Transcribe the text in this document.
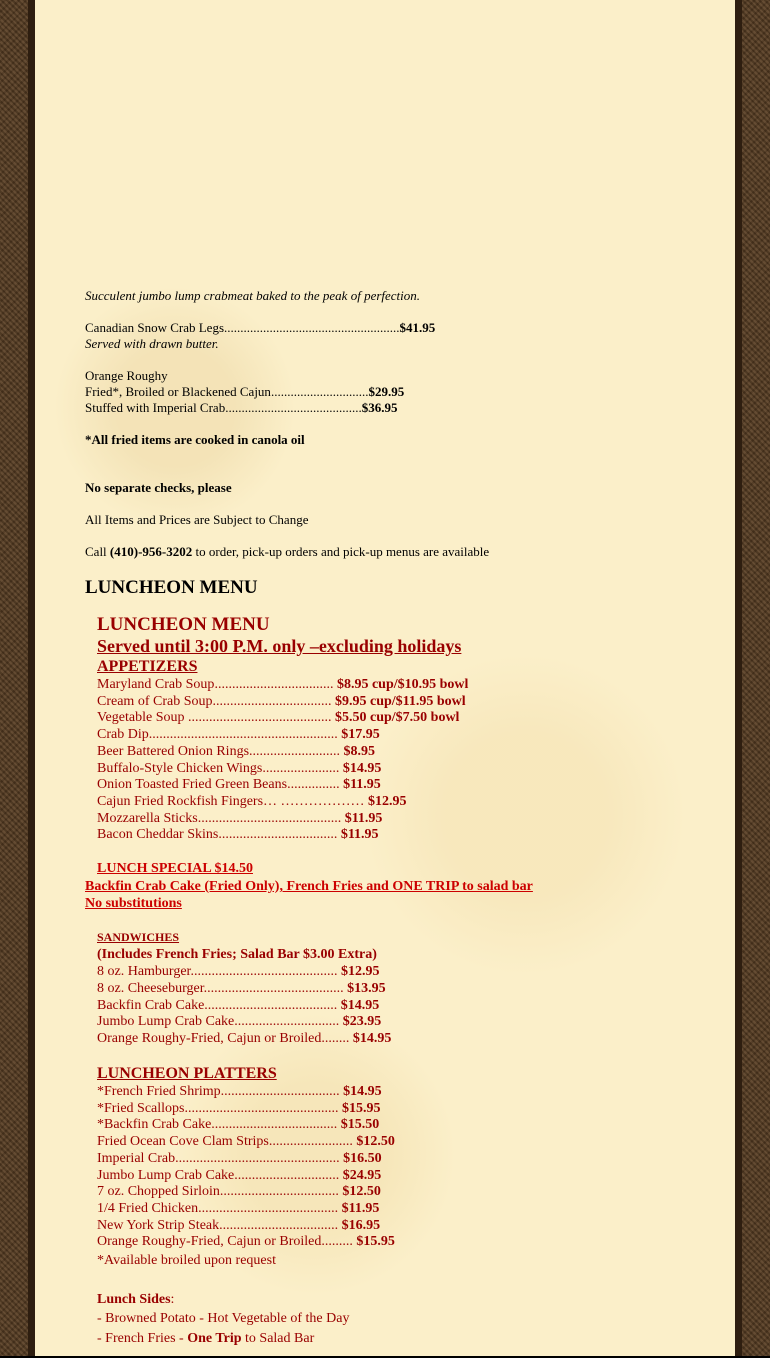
Succulent jumbo lump crabmeat baked to the peak of perfection.
Canadian Snow Crab Legs......................................................$41.95
Served with drawn butter.
Orange Roughy
Fried*, Broiled or Blackened Cajun..............................$29.95
Stuffed with Imperial Crab..........................................$36.95
*All fried items are cooked in canola oil
No separate checks, please
All Items and Prices are Subject to Change
Call (410)-956-3202 to order, pick-up orders and pick-up menus are available
LUNCHEON MENU
LUNCHEON MENU
Served until 3:00 P.M. only –excluding holidays
APPETIZERS
Maryland Crab Soup.................................. $8.95 cup/$10.95 bowl
Cream of Crab Soup.................................. $9.95 cup/$11.95 bowl
Vegetable Soup ......................................... $5.50 cup/$7.50 bowl
Crab Dip...................................................... $17.95
Beer Battered Onion Rings.......................... $8.95
Buffalo-Style Chicken Wings...................... $14.95
Onion Toasted Fried Green Beans............... $11.95
Cajun Fried Rockfish Fingers… ……………… $12.95
Mozzarella Sticks......................................... $11.95
Bacon Cheddar Skins.................................. $11.95
LUNCH SPECIAL $14.50
Backfin Crab Cake (Fried Only), French Fries and ONE TRIP to salad bar
No substitutions
SANDWICHES
(Includes French Fries; Salad Bar $3.00 Extra)
8 oz. Hamburger.......................................... $12.95
8 oz. Cheeseburger........................................ $13.95
Backfin Crab Cake...................................... $14.95
Jumbo Lump Crab Cake.............................. $23.95
Orange Roughy-Fried, Cajun or Broiled........ $14.95
LUNCHEON PLATTERS
*French Fried Shrimp.................................. $14.95
*Fried Scallops............................................ $15.95
*Backfin Crab Cake.................................... $15.50
Fried Ocean Cove Clam Strips........................ $12.50
Imperial Crab............................................... $16.50
Jumbo Lump Crab Cake.............................. $24.95
7 oz. Chopped Sirloin.................................. $12.50
1/4 Fried Chicken........................................ $11.95
New York Strip Steak.................................. $16.95
Orange Roughy-Fried, Cajun or Broiled......... $15.95
*Available broiled upon request
Lunch Sides:
- Browned Potato - Hot Vegetable of the Day
- French Fries - One Trip to Salad Bar
